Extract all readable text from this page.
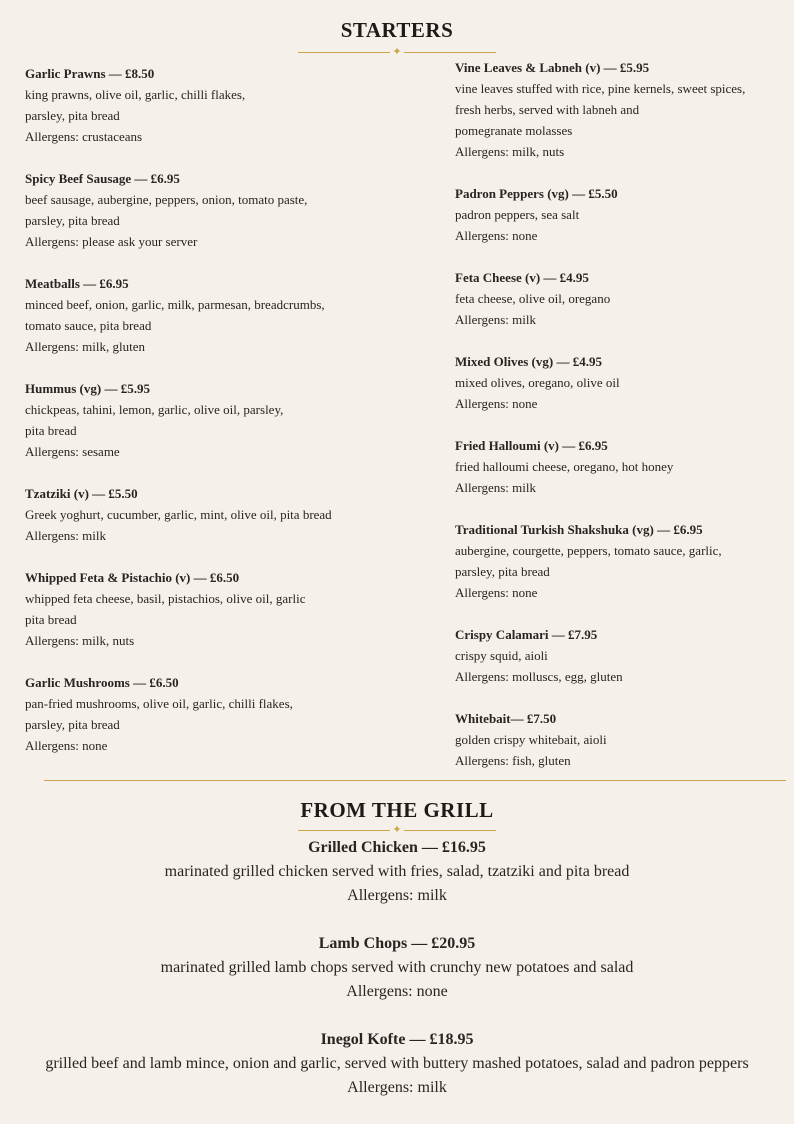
STARTERS
✦
Garlic Prawns — £8.50
king prawns, olive oil, garlic, chilli flakes,
parsley, pita bread
Allergens: crustaceans
Spicy Beef Sausage — £6.95
beef sausage, aubergine, peppers, onion, tomato paste,
parsley, pita bread
Allergens: please ask your server
Meatballs — £6.95
minced beef, onion, garlic, milk, parmesan, breadcrumbs,
tomato sauce, pita bread
Allergens: milk, gluten
Hummus (vg) — £5.95
chickpeas, tahini, lemon, garlic, olive oil, parsley,
pita bread
Allergens: sesame
Tzatziki (v) — £5.50
Greek yoghurt, cucumber, garlic, mint, olive oil, pita bread
Allergens: milk
Whipped Feta & Pistachio (v) — £6.50
whipped feta cheese, basil, pistachios, olive oil, garlic
pita bread
Allergens: milk, nuts
Garlic Mushrooms — £6.50
pan-fried mushrooms, olive oil, garlic, chilli flakes,
parsley, pita bread
Allergens: none
Vine Leaves & Labneh (v) — £5.95
vine leaves stuffed with rice, pine kernels, sweet spices,
fresh herbs, served with labneh and
pomegranate molasses
Allergens: milk, nuts
Padron Peppers (vg) — £5.50
padron peppers, sea salt
Allergens: none
Feta Cheese (v) — £4.95
feta cheese, olive oil, oregano
Allergens: milk
Mixed Olives (vg) — £4.95
mixed olives, oregano, olive oil
Allergens: none
Fried Halloumi (v) — £6.95
fried halloumi cheese, oregano, hot honey
Allergens: milk
Traditional Turkish Shakshuka (vg) — £6.95
aubergine, courgette, peppers, tomato sauce, garlic,
parsley, pita bread
Allergens: none
Crispy Calamari — £7.95
crispy squid, aioli
Allergens: molluscs, egg, gluten
Whitebait— £7.50
golden crispy whitebait, aioli
Allergens: fish, gluten
FROM THE GRILL
✦
Grilled Chicken — £16.95
marinated grilled chicken served with fries, salad, tzatziki and pita bread
Allergens: milk
Lamb Chops — £20.95
marinated grilled lamb chops served with crunchy new potatoes and salad
Allergens: none
Inegol Kofte — £18.95
grilled beef and lamb mince, onion and garlic, served with buttery mashed potatoes, salad and padron peppers
Allergens: milk
